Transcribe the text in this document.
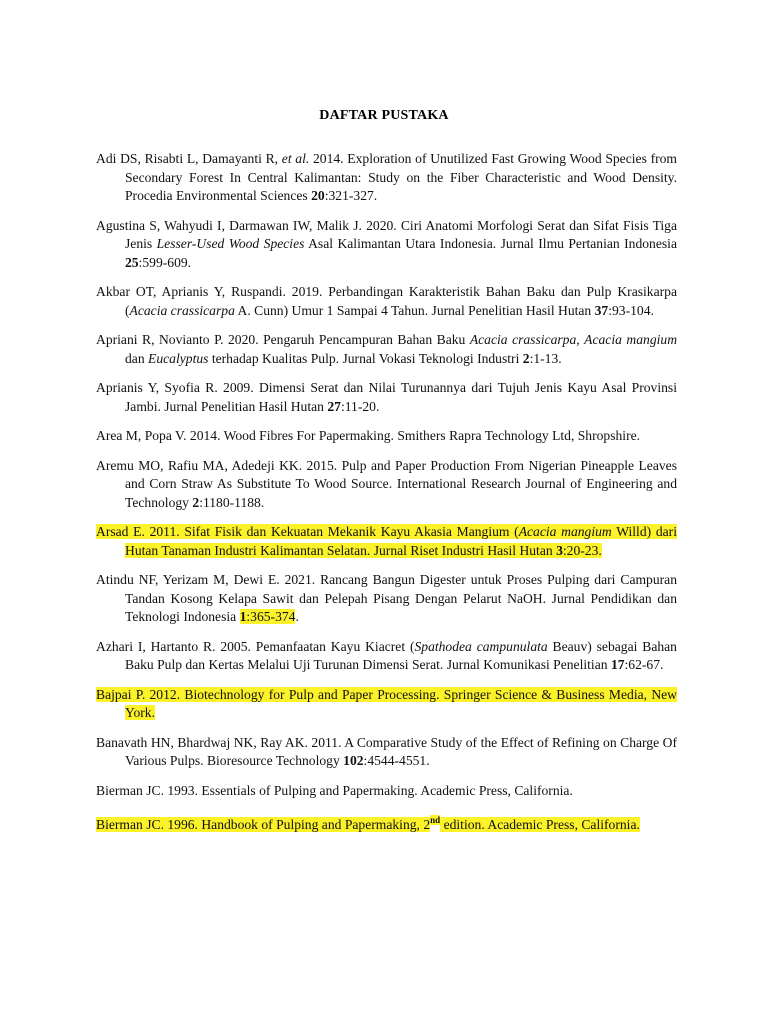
DAFTAR PUSTAKA

Adi DS, Risabti L, Damayanti R, et al. 2014. Exploration of Unutilized Fast Growing Wood Species from Secondary Forest In Central Kalimantan: Study on the Fiber Characteristic and Wood Density. Procedia Environmental Sciences 20:321-327.

Agustina S, Wahyudi I, Darmawan IW, Malik J. 2020. Ciri Anatomi Morfologi Serat dan Sifat Fisis Tiga Jenis Lesser-Used Wood Species Asal Kalimantan Utara Indonesia. Jurnal Ilmu Pertanian Indonesia 25:599-609.

Akbar OT, Aprianis Y, Ruspandi. 2019. Perbandingan Karakteristik Bahan Baku dan Pulp Krasikarpa (Acacia crassicarpa A. Cunn) Umur 1 Sampai 4 Tahun. Jurnal Penelitian Hasil Hutan 37:93-104.

Apriani R, Novianto P. 2020. Pengaruh Pencampuran Bahan Baku Acacia crassicarpa, Acacia mangium dan Eucalyptus terhadap Kualitas Pulp. Jurnal Vokasi Teknologi Industri 2:1-13.

Aprianis Y, Syofia R. 2009. Dimensi Serat dan Nilai Turunannya dari Tujuh Jenis Kayu Asal Provinsi Jambi. Jurnal Penelitian Hasil Hutan 27:11-20.

Area M, Popa V. 2014. Wood Fibres For Papermaking. Smithers Rapra Technology Ltd, Shropshire.

Aremu MO, Rafiu MA, Adedeji KK. 2015. Pulp and Paper Production From Nigerian Pineapple Leaves and Corn Straw As Substitute To Wood Source. International Research Journal of Engineering and Technology 2:1180-1188.

Arsad E. 2011. Sifat Fisik dan Kekuatan Mekanik Kayu Akasia Mangium (Acacia mangium Willd) dari Hutan Tanaman Industri Kalimantan Selatan. Jurnal Riset Industri Hasil Hutan 3:20-23.

Atindu NF, Yerizam M, Dewi E. 2021. Rancang Bangun Digester untuk Proses Pulping dari Campuran Tandan Kosong Kelapa Sawit dan Pelepah Pisang Dengan Pelarut NaOH. Jurnal Pendidikan dan Teknologi Indonesia 1:365-374.

Azhari I, Hartanto R. 2005. Pemanfaatan Kayu Kiacret (Spathodea campunulata Beauv) sebagai Bahan Baku Pulp dan Kertas Melalui Uji Turunan Dimensi Serat. Jurnal Komunikasi Penelitian 17:62-67.

Bajpai P. 2012. Biotechnology for Pulp and Paper Processing. Springer Science & Business Media, New York.

Banavath HN, Bhardwaj NK, Ray AK. 2011. A Comparative Study of the Effect of Refining on Charge Of Various Pulps. Bioresource Technology 102:4544-4551.

Bierman JC. 1993. Essentials of Pulping and Papermaking. Academic Press, California.

Bierman JC. 1996. Handbook of Pulping and Papermaking, 2nd edition. Academic Press, California.
